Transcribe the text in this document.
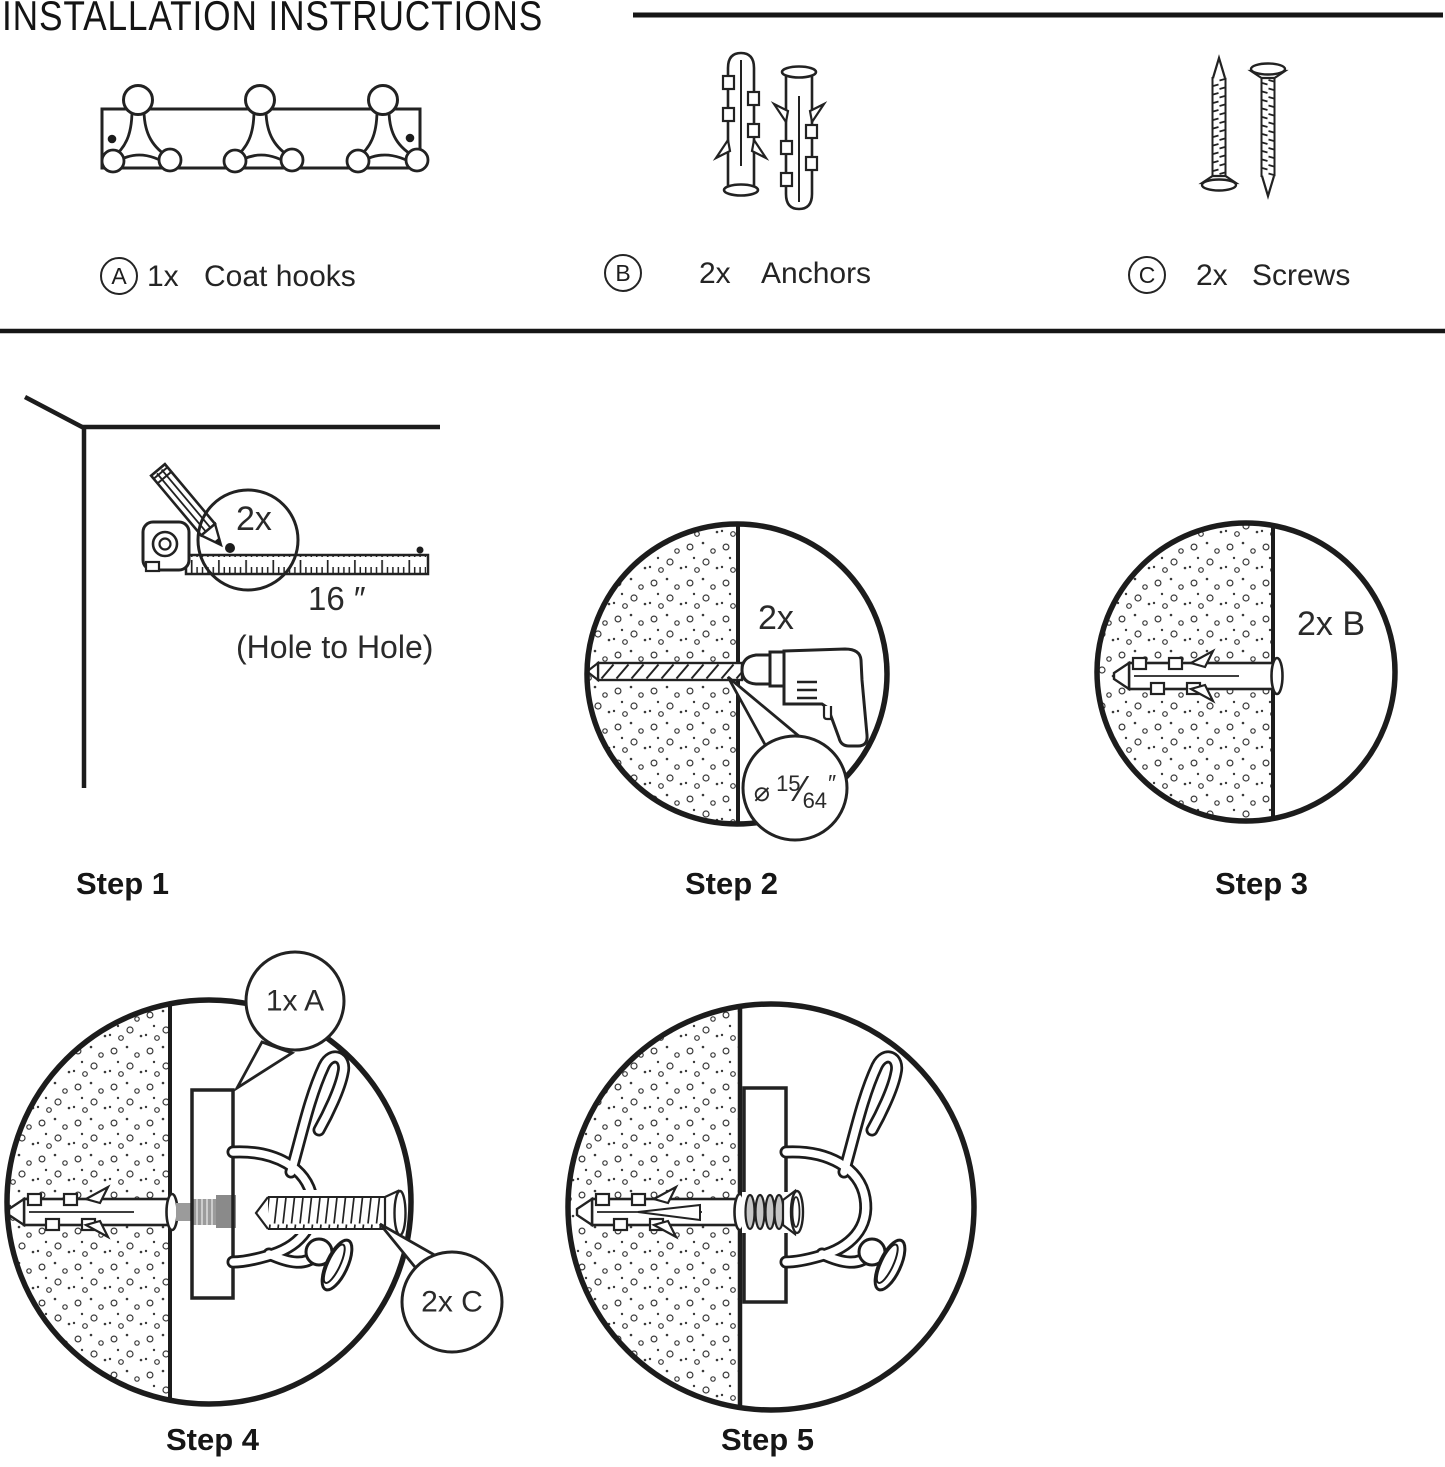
INSTALLATION INSTRUCTIONS
A 1x Coat hooks	B	2x Anchors	C	2x Screws
2x
16 ″
(Hole to Hole)
2x
⌀ 15
⁄
64
″
2x B
1x A
2x C
Step 1	Step 2	Step 3
Step 4	Step 5
